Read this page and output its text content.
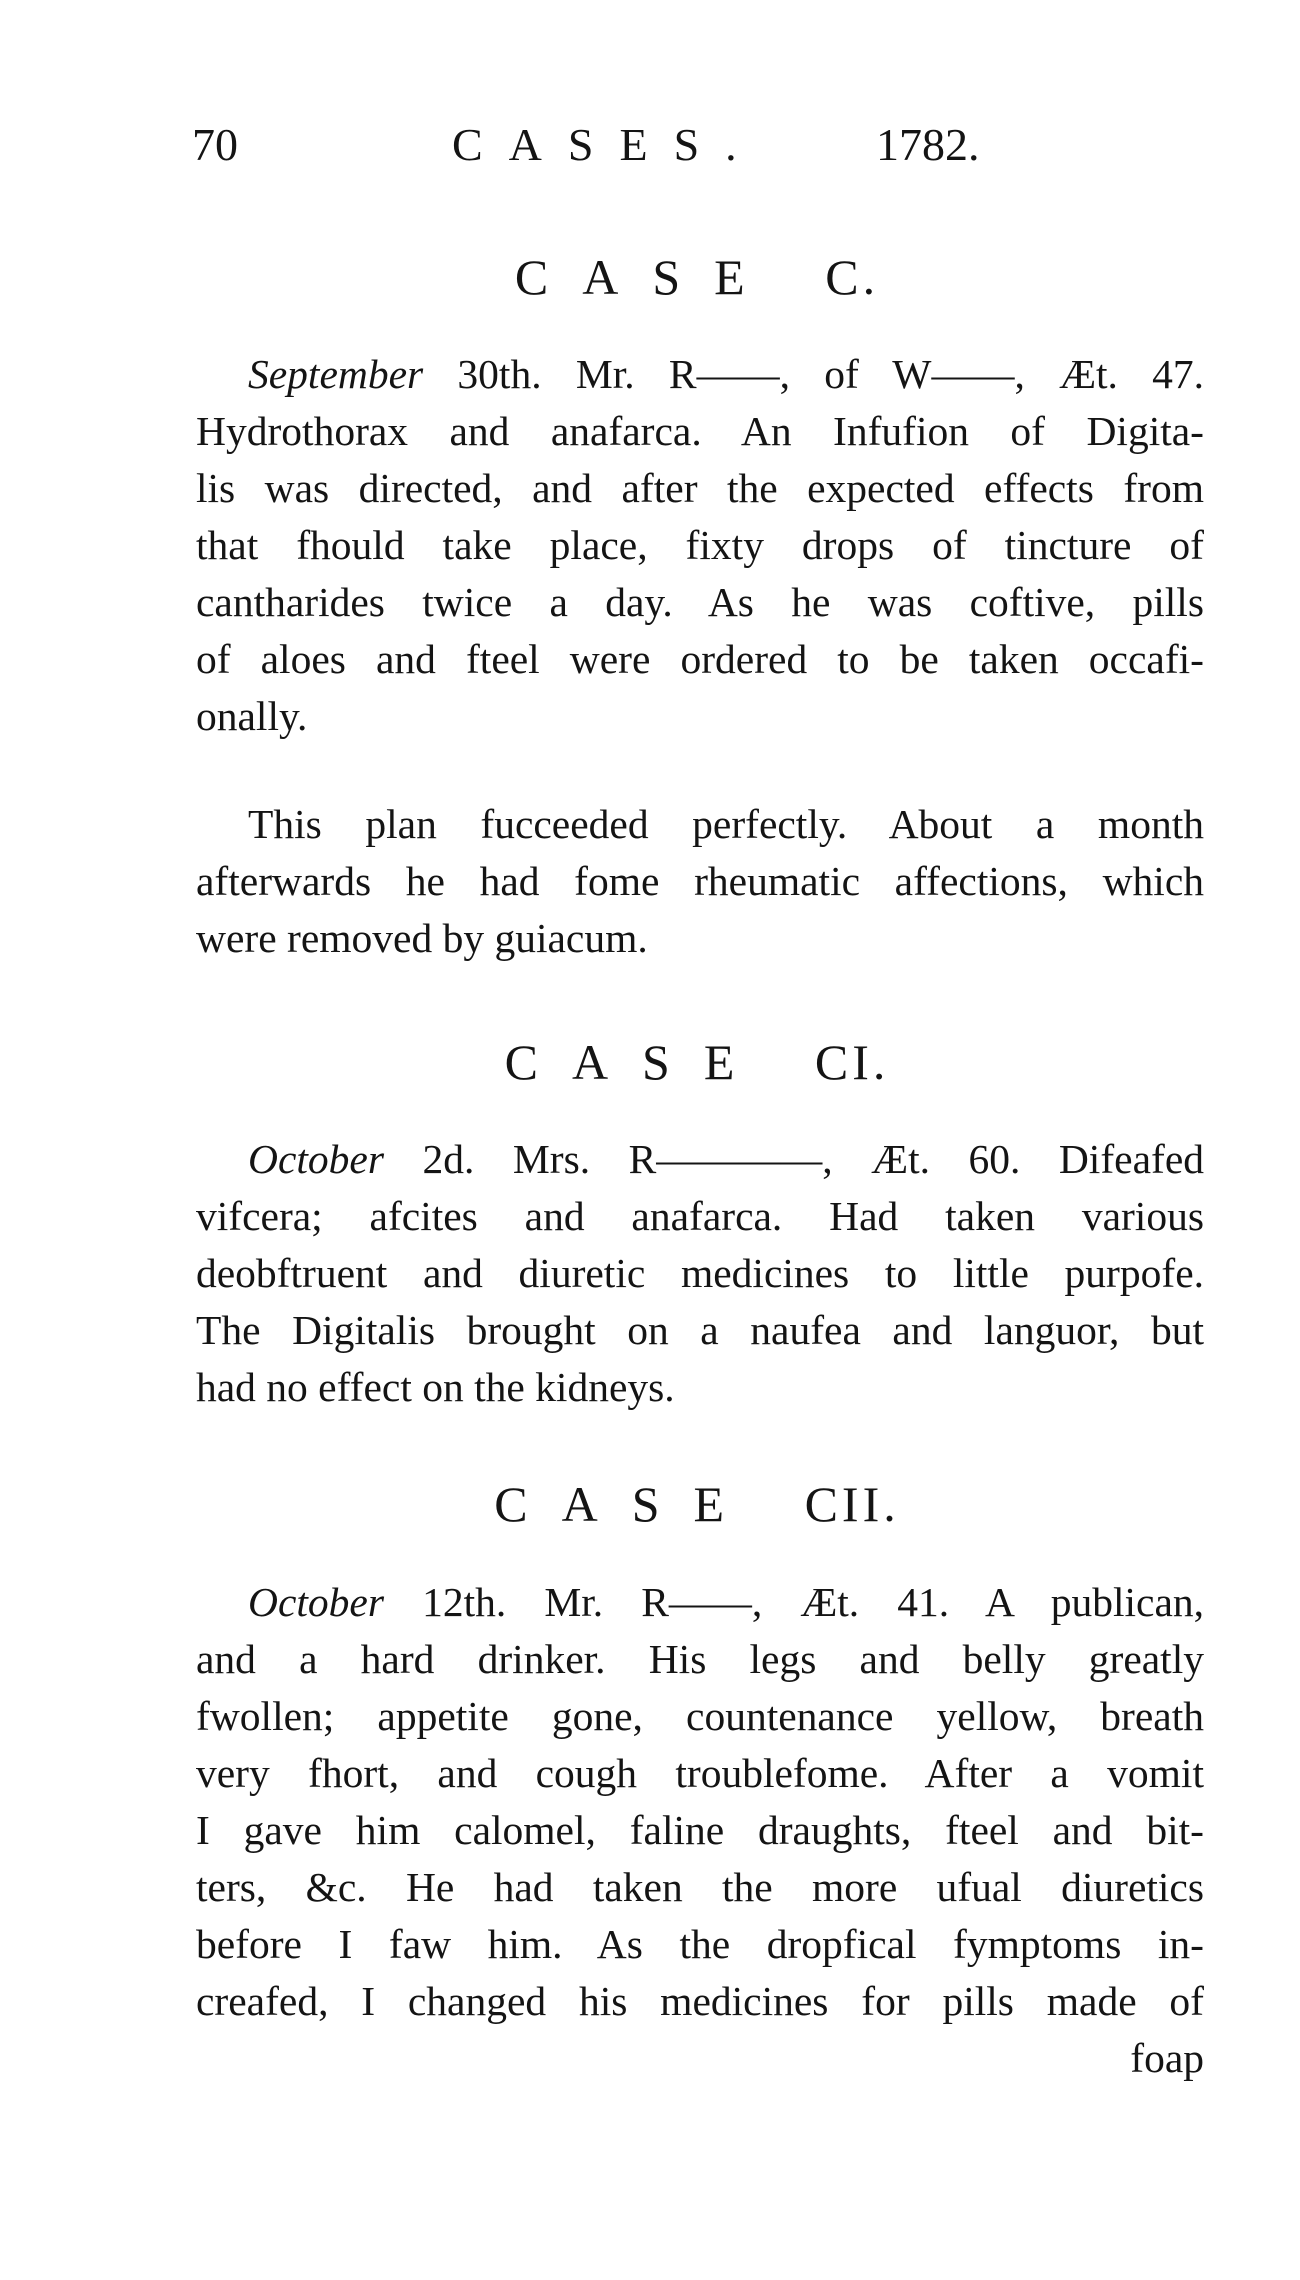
70	CASES. 1782.
CASE C.
September 30th. Mr. R——, of W——, Æt. 47.
Hydrothorax and anafarca. An Infufion of Digita-
lis was directed, and after the expected effects from
that fhould take place, fixty drops of tincture of
cantharides twice a day. As he was coftive, pills
of aloes and fteel were ordered to be taken occafi-
onally.
This plan fucceeded perfectly. About a month
afterwards he had fome rheumatic affections, which
were removed by guiacum.
CASE CI.
October 2d. Mrs. R————, Æt. 60. Difeafed
vifcera; afcites and anafarca. Had taken various
deobftruent and diuretic medicines to little purpofe.
The Digitalis brought on a naufea and languor, but
had no effect on the kidneys.
CASE CII.
October 12th. Mr. R——, Æt. 41. A publican,
and a hard drinker. His legs and belly greatly
fwollen; appetite gone, countenance yellow, breath
very fhort, and cough troublefome. After a vomit
I gave him calomel, faline draughts, fteel and bit-
ters, &c. He had taken the more ufual diuretics
before I faw him. As the dropfical fymptoms in-
creafed, I changed his medicines for pills made of
foap
